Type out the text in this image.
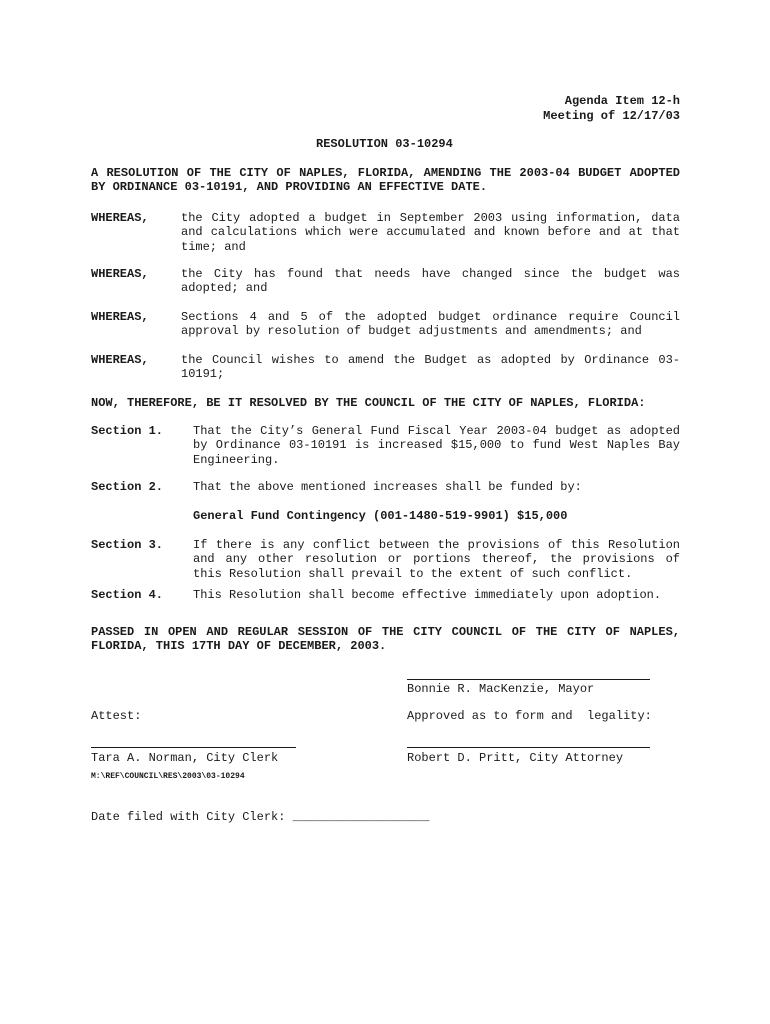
Agenda Item 12-h
Meeting of 12/17/03
RESOLUTION 03-10294
A RESOLUTION OF THE CITY OF NAPLES, FLORIDA, AMENDING THE 2003-04 BUDGET ADOPTED BY ORDINANCE 03-10191, AND PROVIDING AN EFFECTIVE DATE.
WHEREAS,	the City adopted a budget in September 2003 using information, data and calculations which were accumulated and known before and at that time; and
WHEREAS,	the City has found that needs have changed since the budget was adopted; and
WHEREAS,	Sections 4 and 5 of the adopted budget ordinance require Council approval by resolution of budget adjustments and amendments; and
WHEREAS,	the Council wishes to amend the Budget as adopted by Ordinance 03-10191;
NOW, THEREFORE, BE IT RESOLVED BY THE COUNCIL OF THE CITY OF NAPLES, FLORIDA:
Section 1. That the City’s General Fund Fiscal Year 2003-04 budget as adopted by Ordinance 03-10191 is increased $15,000 to fund West Naples Bay Engineering.
Section 2. That the above mentioned increases shall be funded by:
General Fund Contingency (001-1480-519-9901) $15,000
Section 3. If there is any conflict between the provisions of this Resolution and any other resolution or portions thereof, the provisions of this Resolution shall prevail to the extent of such conflict.
Section 4. This Resolution shall become effective immediately upon adoption.
PASSED IN OPEN AND REGULAR SESSION OF THE CITY COUNCIL OF THE CITY OF NAPLES, FLORIDA, THIS 17TH DAY OF DECEMBER, 2003.
Bonnie R. MacKenzie, Mayor
Attest:	Approved as to form and  legality:
Tara A. Norman, City Clerk	Robert D. Pritt, City Attorney
M:\REF\COUNCIL\RES\2003\03-10294
Date filed with City Clerk: ___________________
